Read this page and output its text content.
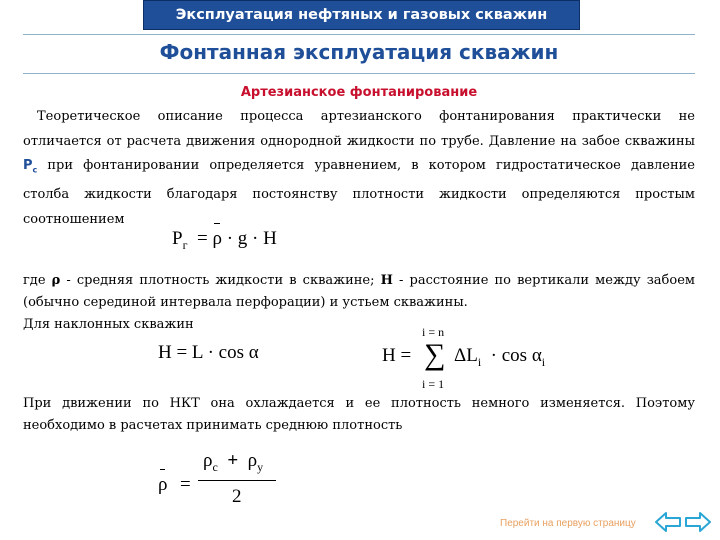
Эксплуатация нефтяных и газовых скважин
Фонтанная эксплуатация скважин
Артезианское фонтанирование
Теоретическое описание процесса артезианского фонтанирования практически не отличается от расчета движения однородной жидкости по трубе. Давление на забое скважины $Р_с$ при фонтанировании определяется уравнением, в котором гидростатическое давление столба жидкости благодаря постоянству плотности жидкости определяются простым соотношением
$Р_г = \rho \cdot g \cdot H$
где ρ - средняя плотность жидкости в скважине; Н - расстояние по вертикали между забоем (обычно серединой интервала перфорации) и устьем скважины.
Для наклонных скважин
H = L · cos α	H =
i = n
∑
i = 1
$\Delta L_i \cdot \cos \alpha_i$
При движении по НКТ она охлаждается и ее плотность немного изменяется. Поэтому необходимо в расчетах принимать среднюю плотность
ρ =
$\rho_с + \rho_у$
2
Перейти на первую страницу
